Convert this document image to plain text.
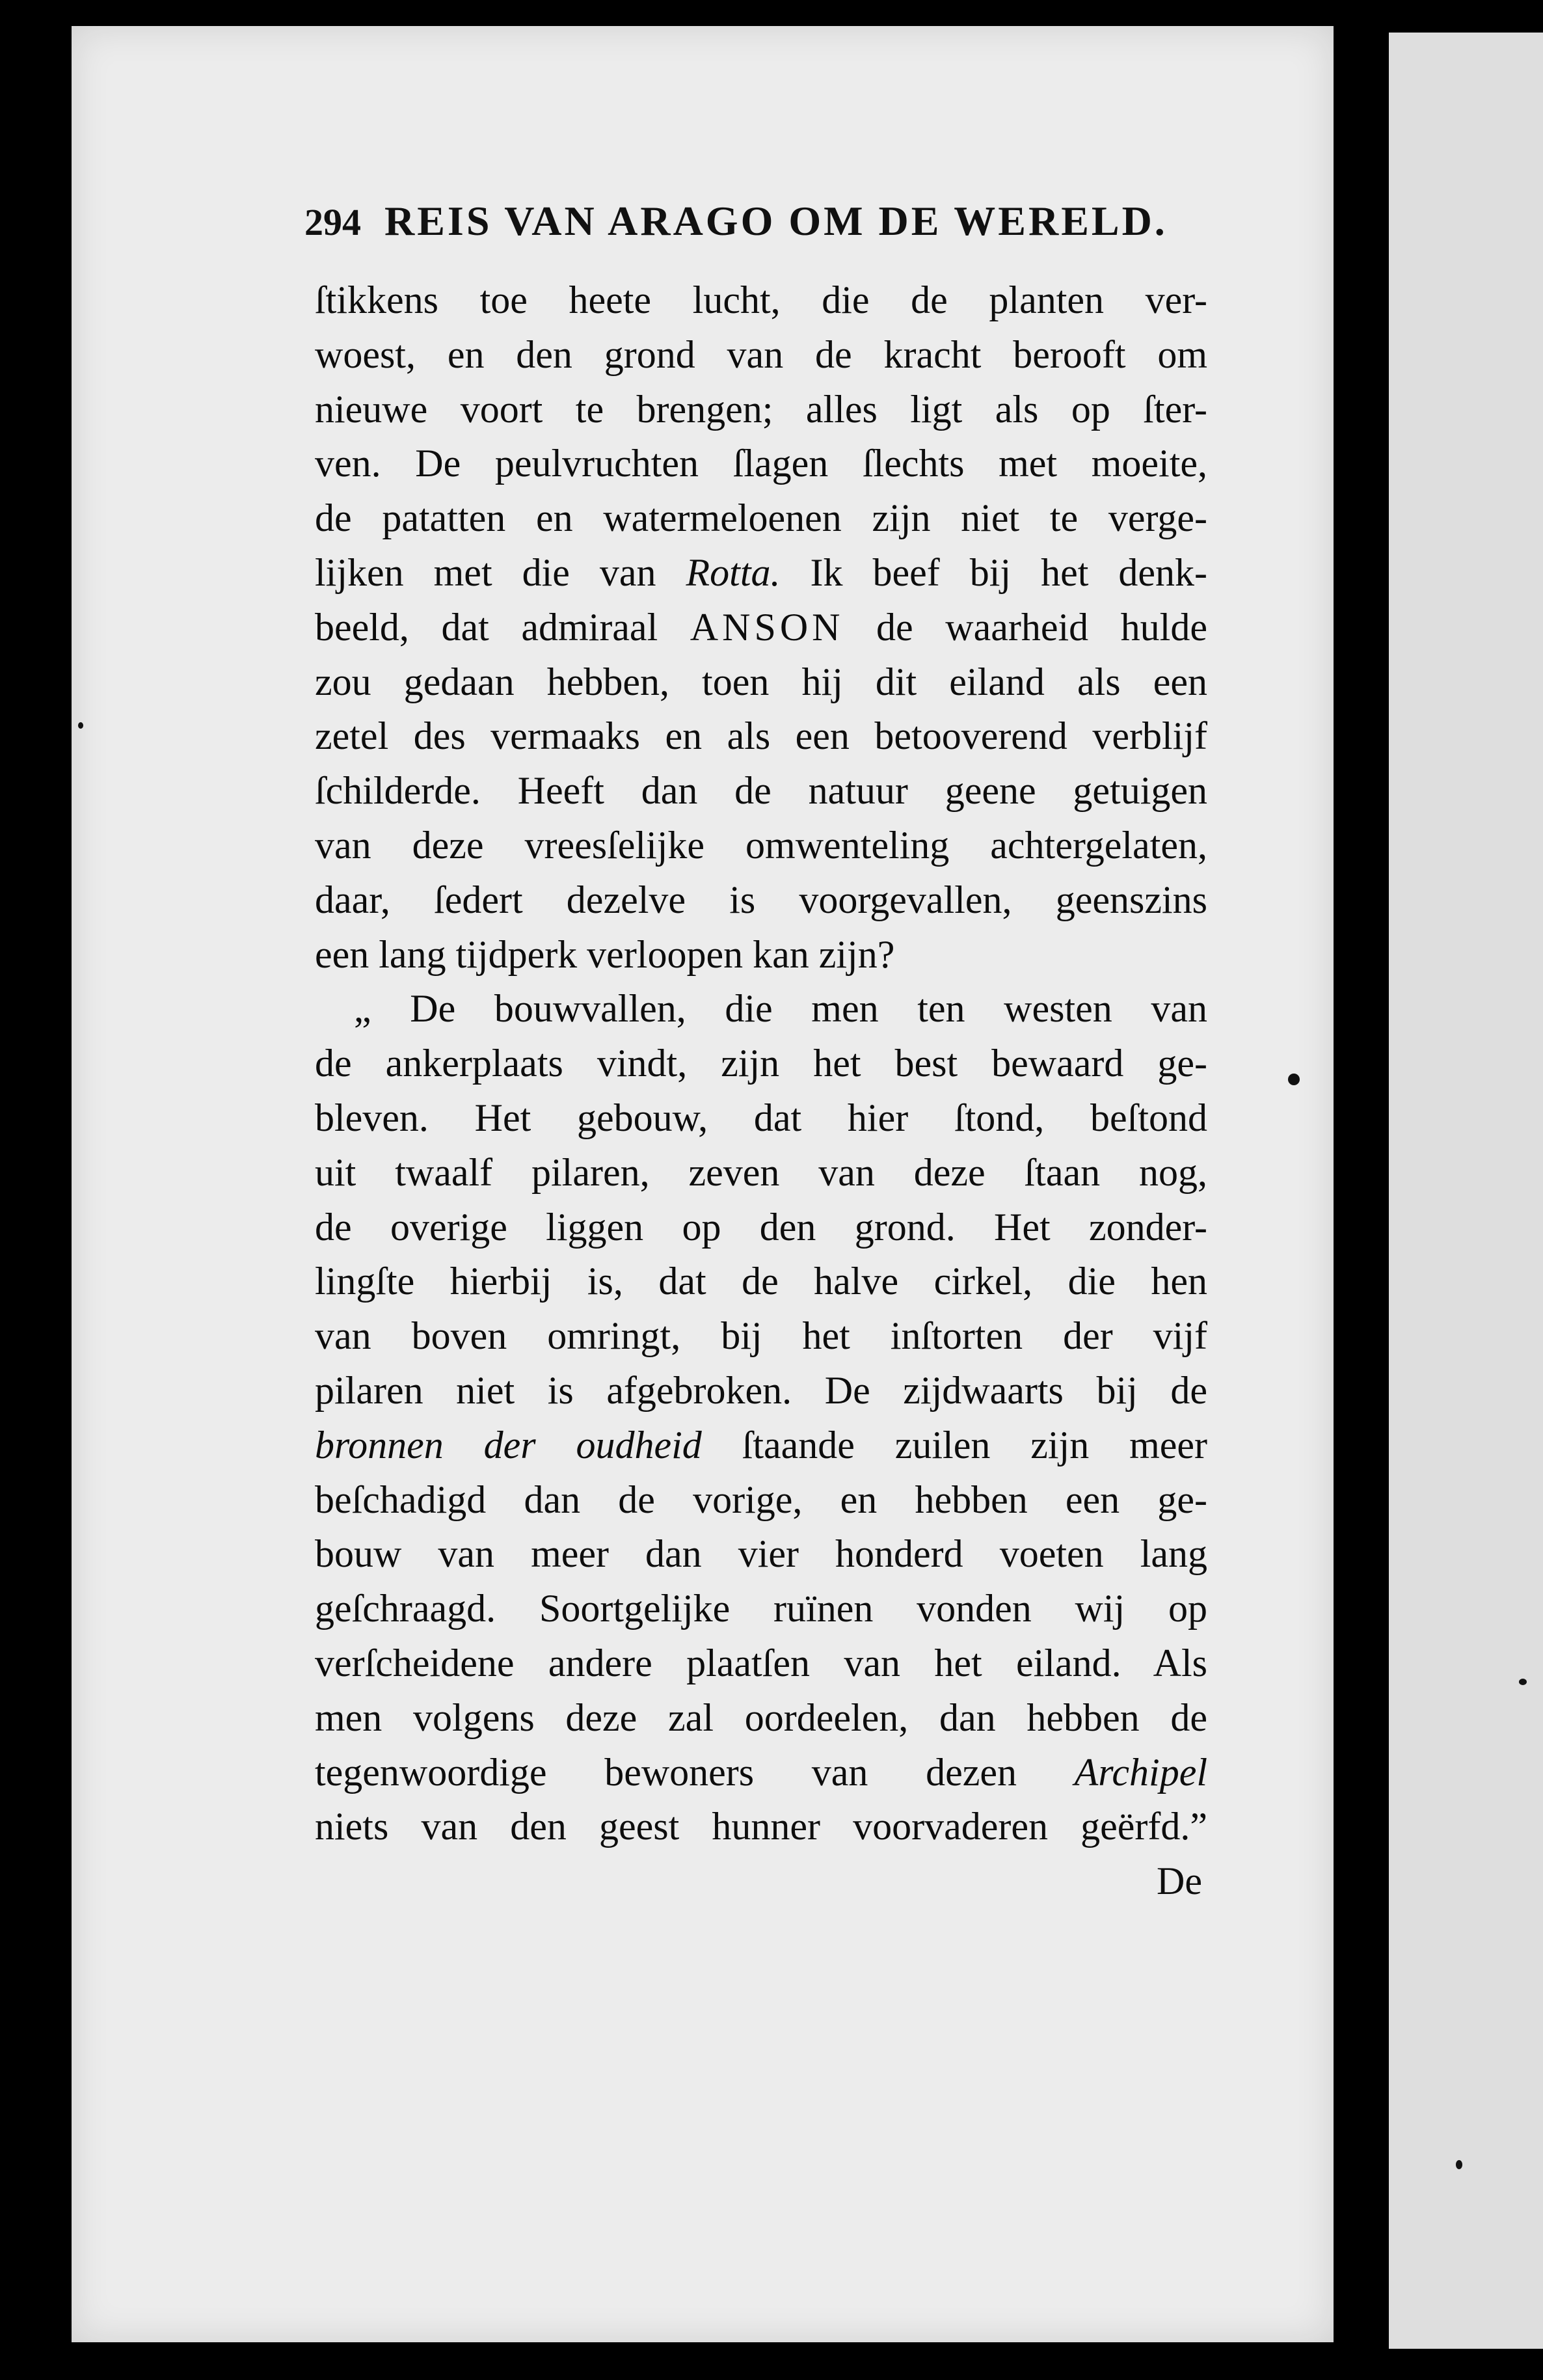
294 REIS VAN ARAGO OM DE WERELD.
ſtikkens toe heete lucht, die de planten ver-
woest, en den grond van de kracht berooft om
nieuwe voort te brengen; alles ligt als op ſter-
ven. De peulvruchten ſlagen ſlechts met moeite,
de patatten en watermeloenen zijn niet te verge-
lijken met die van Rotta. Ik beef bij het denk-
beeld, dat admiraal ANSON de waarheid hulde
zou gedaan hebben, toen hij dit eiland als een
zetel des vermaaks en als een betooverend verblijf
ſchilderde. Heeft dan de natuur geene getuigen
van deze vreesſelijke omwenteling achtergelaten,
daar, ſedert dezelve is voorgevallen, geenszins
een lang tijdperk verloopen kan zijn?
„ De bouwvallen, die men ten westen van
de ankerplaats vindt, zijn het best bewaard ge-
bleven. Het gebouw, dat hier ſtond, beſtond
uit twaalf pilaren, zeven van deze ſtaan nog,
de overige liggen op den grond. Het zonder-
lingſte hierbij is, dat de halve cirkel, die hen
van boven omringt, bij het inſtorten der vijf
pilaren niet is afgebroken. De zijdwaarts bij de
bronnen der oudheid ſtaande zuilen zijn meer
beſchadigd dan de vorige, en hebben een ge-
bouw van meer dan vier honderd voeten lang
geſchraagd. Soortgelijke ruïnen vonden wij op
verſcheidene andere plaatſen van het eiland. Als
men volgens deze zal oordeelen, dan hebben de
tegenwoordige bewoners van dezen Archipel
niets van den geest hunner voorvaderen geërfd.”
De
